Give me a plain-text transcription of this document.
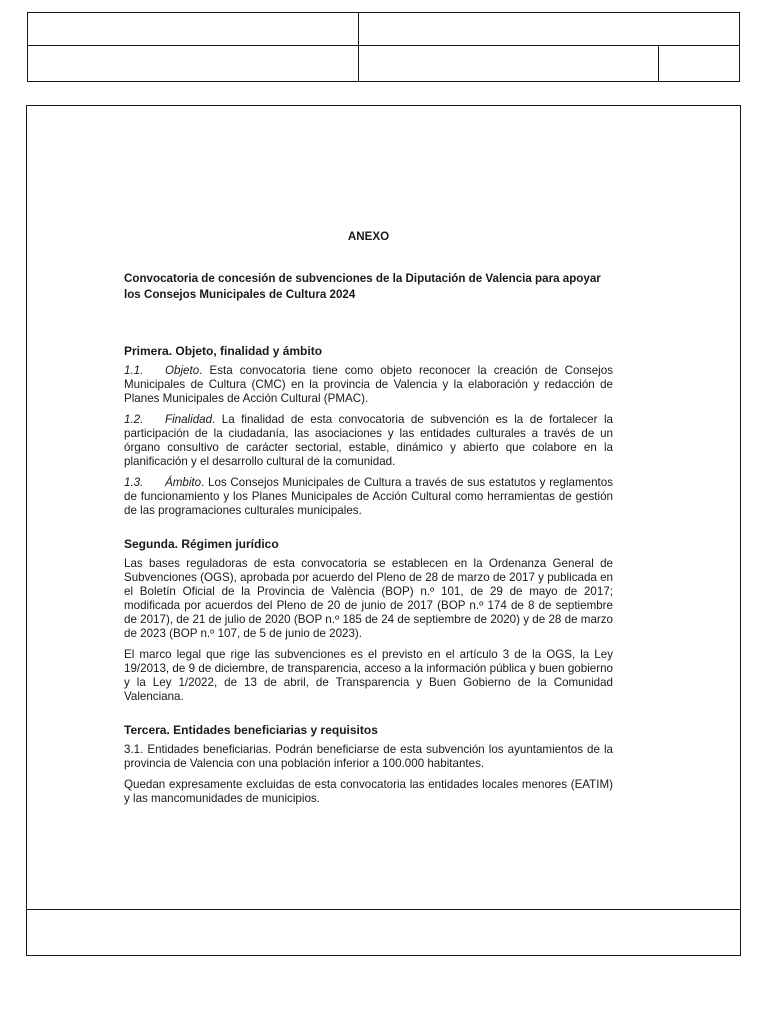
ANEXO
Convocatoria de concesión de subvenciones de la Diputación de Valencia para apoyar los Consejos Municipales de Cultura 2024
Primera. Objeto, finalidad y ámbito

1.1. Objeto. Esta convocatoria tiene como objeto reconocer la creación de Consejos Municipales de Cultura (CMC) en la provincia de Valencia y la elaboración y redacción de Planes Municipales de Acción Cultural (PMAC).

1.2. Finalidad. La finalidad de esta convocatoria de subvención es la de fortalecer la participación de la ciudadanía, las asociaciones y las entidades culturales a través de un órgano consultivo de carácter sectorial, estable, dinámico y abierto que colabore en la planificación y el desarrollo cultural de la comunidad.

1.3. Ámbito. Los Consejos Municipales de Cultura a través de sus estatutos y reglamentos de funcionamiento y los Planes Municipales de Acción Cultural como herramientas de gestión de las programaciones culturales municipales.

Segunda. Régimen jurídico

Las bases reguladoras de esta convocatoria se establecen en la Ordenanza General de Subvenciones (OGS), aprobada por acuerdo del Pleno de 28 de marzo de 2017 y publicada en el Boletín Oficial de la Provincia de València (BOP) n.º 101, de 29 de mayo de 2017; modificada por acuerdos del Pleno de 20 de junio de 2017 (BOP n.º 174 de 8 de septiembre de 2017), de 21 de julio de 2020 (BOP n.º 185 de 24 de septiembre de 2020) y de 28 de marzo de 2023 (BOP n.º 107, de 5 de junio de 2023).

El marco legal que rige las subvenciones es el previsto en el artículo 3 de la OGS, la Ley 19/2013, de 9 de diciembre, de transparencia, acceso a la información pública y buen gobierno y la Ley 1/2022, de 13 de abril, de Transparencia y Buen Gobierno de la Comunidad Valenciana.

Tercera. Entidades beneficiarias y requisitos

3.1. Entidades beneficiarias. Podrán beneficiarse de esta subvención los ayuntamientos de la provincia de Valencia con una población inferior a 100.000 habitantes.

Quedan expresamente excluidas de esta convocatoria las entidades locales menores (EATIM) y las mancomunidades de municipios.
